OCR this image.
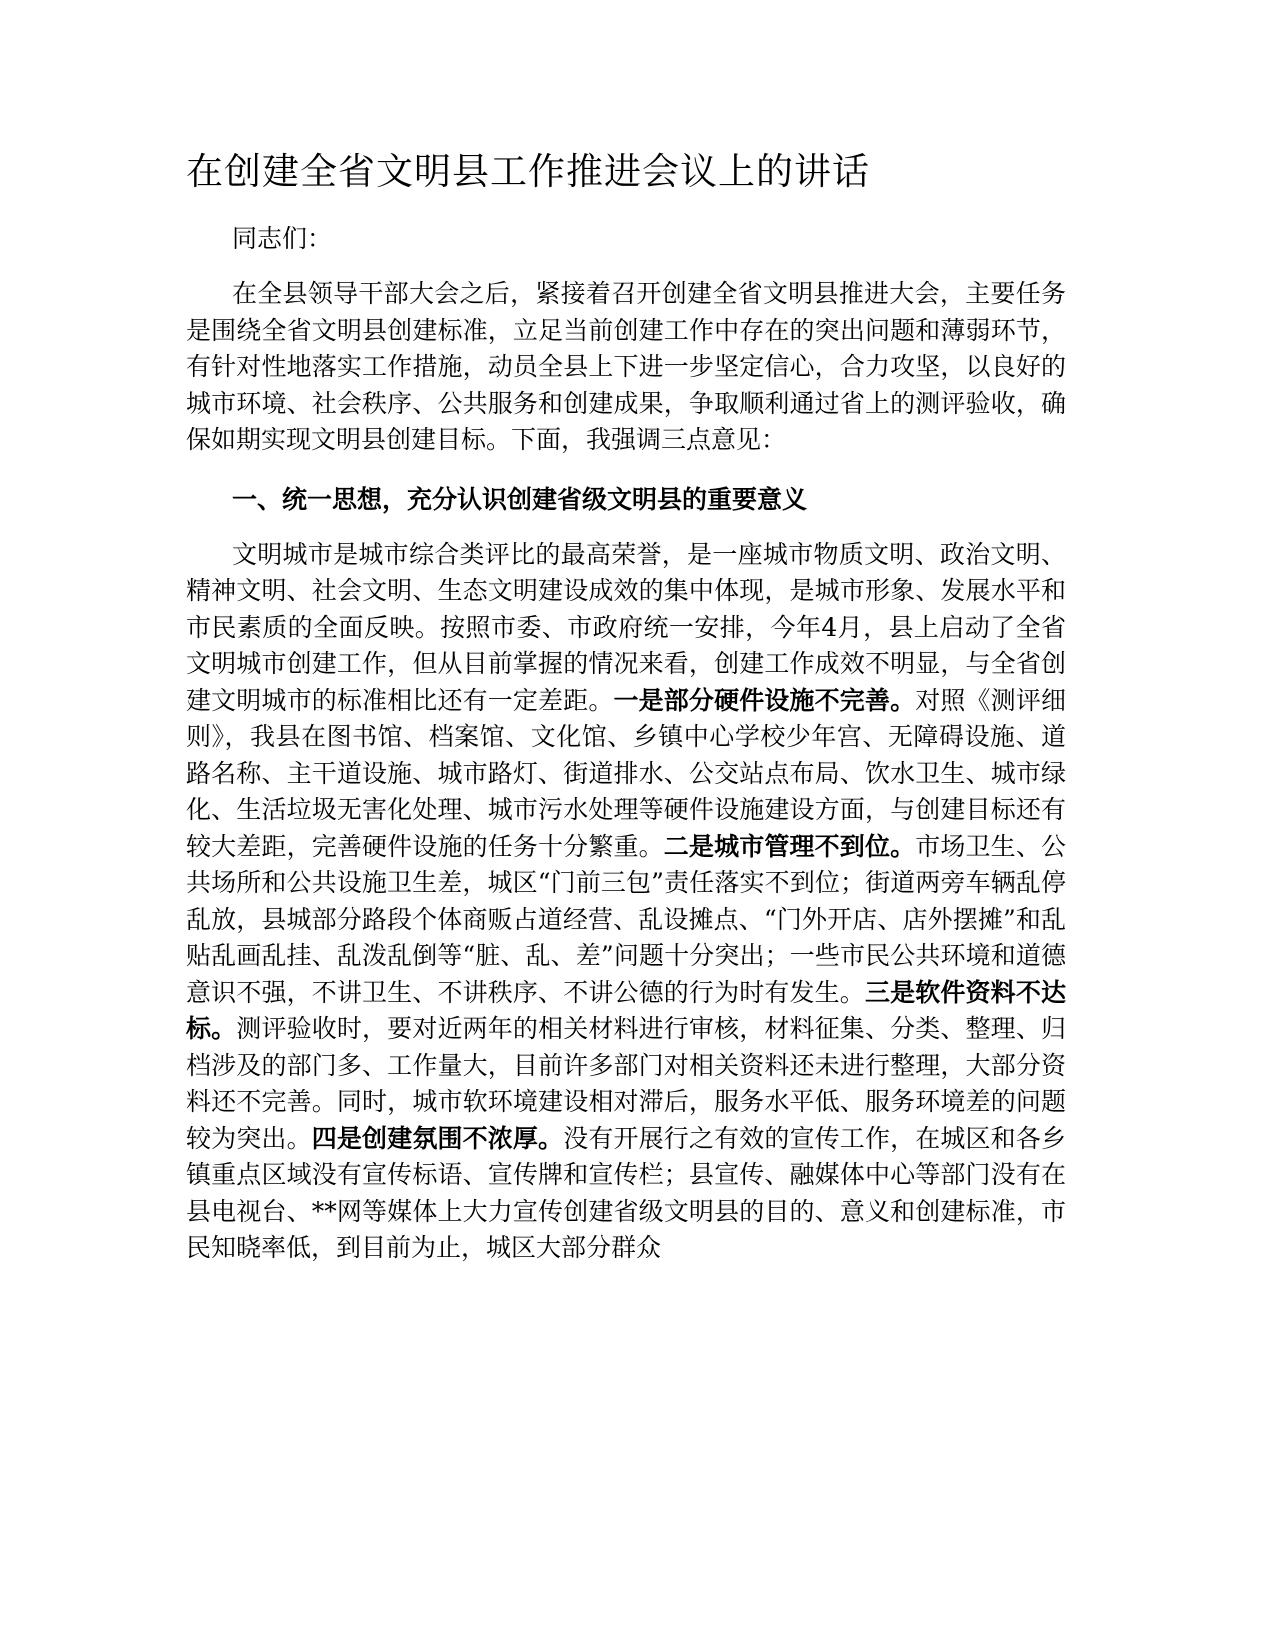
在创建全省文明县工作推进会议上的讲话

同志们：

在全县领导干部大会之后，紧接着召开创建全省文明县推进大会，主要任务是围绕全省文明县创建标准，立足当前创建工作中存在的突出问题和薄弱环节，有针对性地落实工作措施，动员全县上下进一步坚定信心，合力攻坚，以良好的城市环境、社会秩序、公共服务和创建成果，争取顺利通过省上的测评验收，确保如期实现文明县创建目标。下面，我强调三点意见：

一、统一思想，充分认识创建省级文明县的重要意义

文明城市是城市综合类评比的最高荣誉，是一座城市物质文明、政治文明、精神文明、社会文明、生态文明建设成效的集中体现，是城市形象、发展水平和市民素质的全面反映。按照市委、市政府统一安排，今年4月，县上启动了全省文明城市创建工作，但从目前掌握的情况来看，创建工作成效不明显，与全省创建文明城市的标准相比还有一定差距。一是部分硬件设施不完善。对照《测评细则》，我县在图书馆、档案馆、文化馆、乡镇中心学校少年宫、无障碍设施、道路名称、主干道设施、城市路灯、街道排水、公交站点布局、饮水卫生、城市绿化、生活垃圾无害化处理、城市污水处理等硬件设施建设方面，与创建目标还有较大差距，完善硬件设施的任务十分繁重。二是城市管理不到位。市场卫生、公共场所和公共设施卫生差，城区“门前三包”责任落实不到位；街道两旁车辆乱停乱放，县城部分路段个体商贩占道经营、乱设摊点、“门外开店、店外摆摊”和乱贴乱画乱挂、乱泼乱倒等“脏、乱、差”问题十分突出；一些市民公共环境和道德意识不强，不讲卫生、不讲秩序、不讲公德的行为时有发生。三是软件资料不达标。测评验收时，要对近两年的相关材料进行审核，材料征集、分类、整理、归档涉及的部门多、工作量大，目前许多部门对相关资料还未进行整理，大部分资料还不完善。同时，城市软环境建设相对滞后，服务水平低、服务环境差的问题较为突出。四是创建氛围不浓厚。没有开展行之有效的宣传工作，在城区和各乡镇重点区域没有宣传标语、宣传牌和宣传栏；县宣传、融媒体中心等部门没有在县电视台、**网等媒体上大力宣传创建省级文明县的目的、意义和创建标准，市民知晓率低，到目前为止，城区大部分群众
